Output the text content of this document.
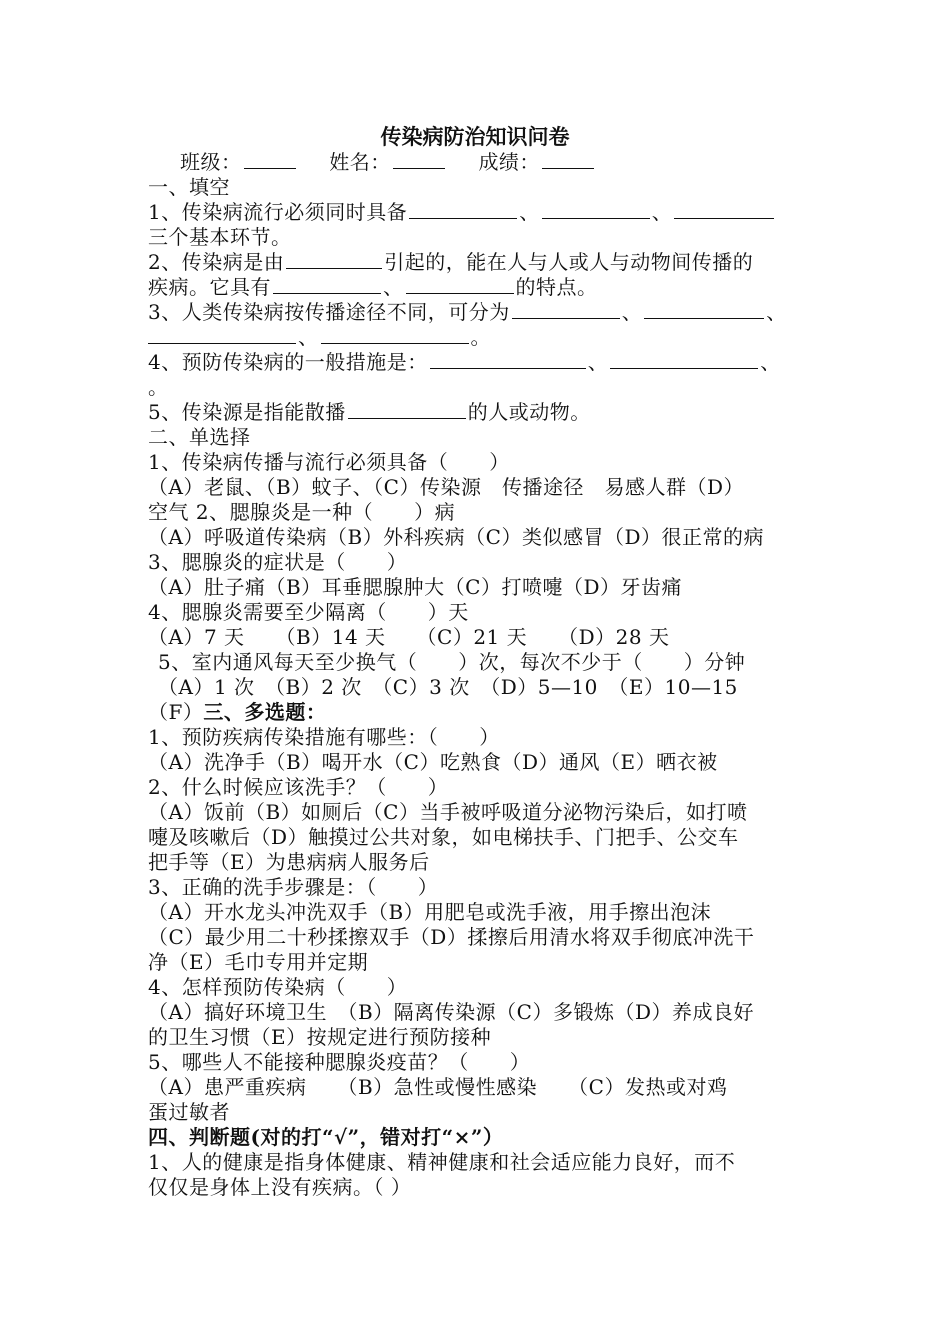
传染病防治知识问卷
班级：	姓名：	成绩：
一、填空
1、传染病流行必须同时具备	、	、
三个基本环节。
2、传染病是由	引起的，能在人与人或人与动物间传播的
疾病。它具有	、	的特点。
3、人类传染病按传播途径不同，可分为	、	、
、	。
4、预防传染病的一般措施是：	、	、
。
5、传染源是指能散播	的人或动物。
二、单选择
1、传染病传播与流行必须具备（　　）
（A）老鼠、（B）蚊子、（C）传染源　传播途径　易感人群（D）
空气 2、腮腺炎是一种（　　）病
（A）呼吸道传染病（B）外科疾病（C）类似感冒（D）很正常的病
3、腮腺炎的症状是（　　）
（A）肚子痛（B）耳垂腮腺肿大（C）打喷嚏（D）牙齿痛
4、腮腺炎需要至少隔离（　　）天
（A）7 天　　（B）14 天　　（C）21 天　　（D）28 天
5、室内通风每天至少换气（　　）次，每次不少于（　　）分钟
（A）1 次　（B）2 次　（C）3 次　（D）5—10　（E）10—15
（F）三、多选题：
1、预防疾病传染措施有哪些：（　　）
（A）洗净手（B）喝开水（C）吃熟食（D）通风（E）晒衣被
2、什么时候应该洗手？（　　）
（A）饭前（B）如厕后（C）当手被呼吸道分泌物污染后，如打喷
嚏及咳嗽后（D）触摸过公共对象，如电梯扶手、门把手、公交车
把手等（E）为患病病人服务后
3、正确的洗手步骤是：（　　）
（A）开水龙头冲洗双手（B）用肥皂或洗手液，用手擦出泡沫
（C）最少用二十秒揉擦双手（D）揉擦后用清水将双手彻底冲洗干
净（E）毛巾专用并定期
4、怎样预防传染病（　　）
（A）搞好环境卫生　（B）隔离传染源（C）多锻炼（D）养成良好
的卫生习惯（E）按规定进行预防接种
5、哪些人不能接种腮腺炎疫苗？（　　）
（A）患严重疾病　　（B）急性或慢性感染　　（C）发热或对鸡
蛋过敏者
四、判断题(对的打“√”，错对打“×”）
1、人的健康是指身体健康、精神健康和社会适应能力良好，而不
仅仅是身体上没有疾病。（ ）
